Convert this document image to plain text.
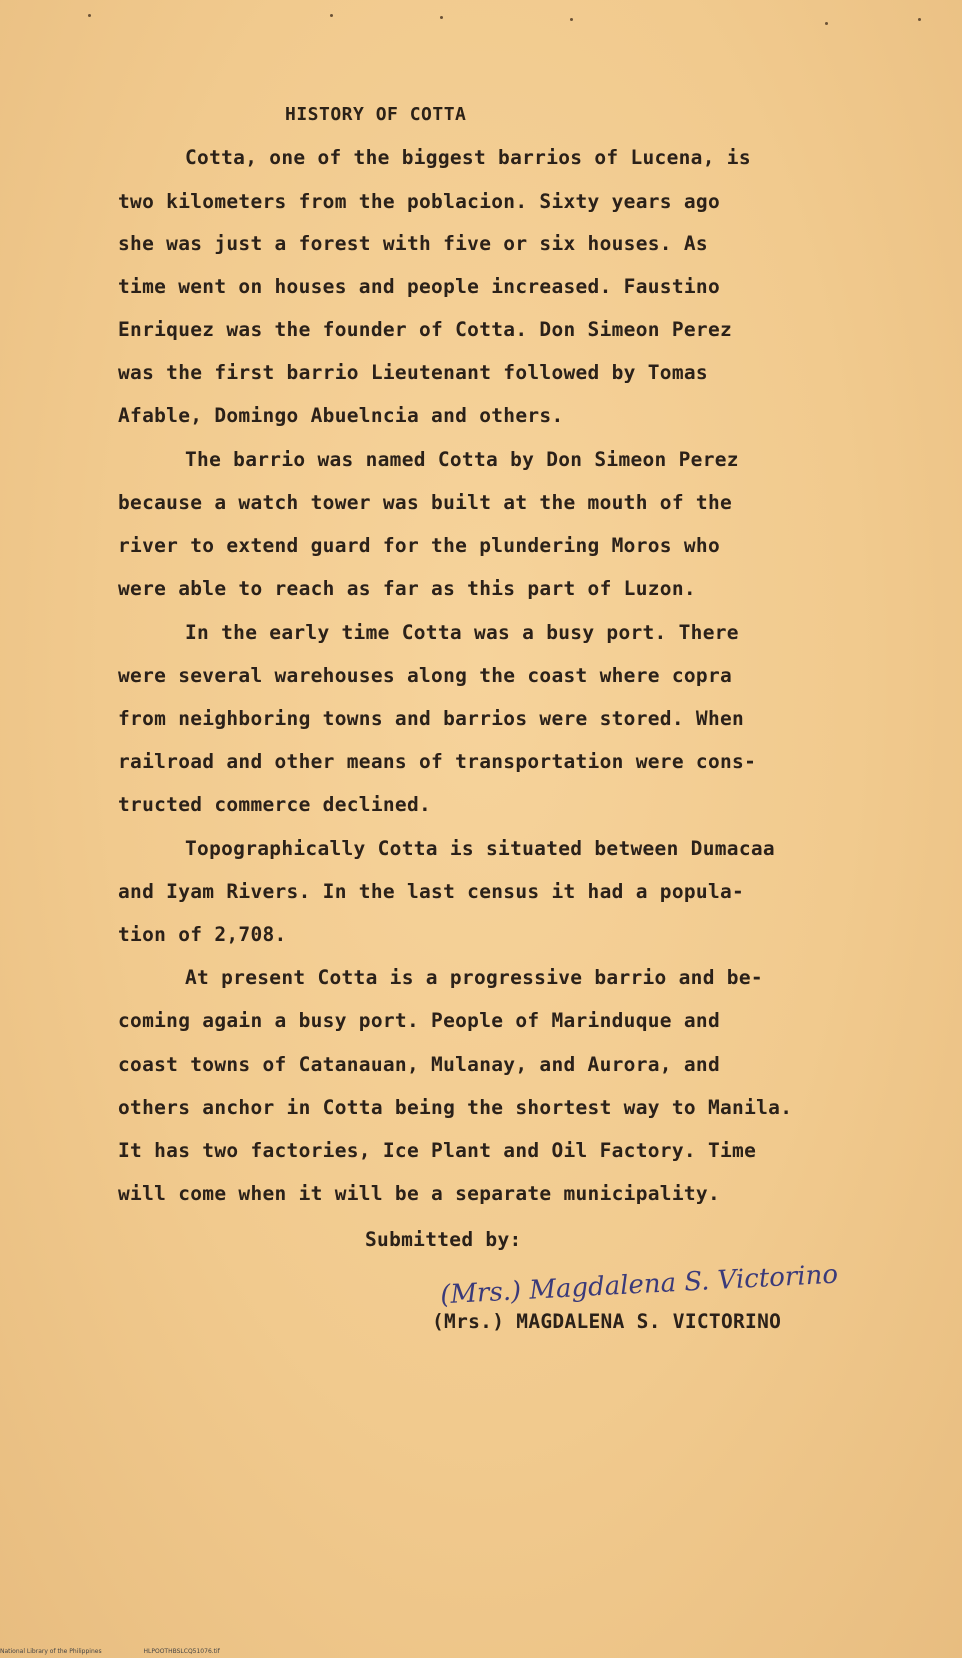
HISTORY OF COTTA
Cotta, one of the biggest barrios of Lucena, is
two kilometers from the poblacion. Sixty years ago
she was just a forest with five or six houses. As
time went on houses and people increased. Faustino
Enriquez was the founder of Cotta. Don Simeon Perez
was the first barrio Lieutenant followed by Tomas
Afable, Domingo Abuelncia and others.
The barrio was named Cotta by Don Simeon Perez
because a watch tower was built at the mouth of the
river to extend guard for the plundering Moros who
were able to reach as far as this part of Luzon.
In the early time Cotta was a busy port. There
were several warehouses along the coast where copra
from neighboring towns and barrios were stored. When
railroad and other means of transportation were cons-
tructed commerce declined.
Topographically Cotta is situated between Dumacaa
and Iyam Rivers. In the last census it had a popula-
tion of 2,708.
At present Cotta is a progressive barrio and be-
coming again a busy port. People of Marinduque and
coast towns of Catanauan, Mulanay, and Aurora, and
others anchor in Cotta being the shortest way to Manila.
It has two factories, Ice Plant and Oil Factory. Time
will come when it will be a separate municipality.
Submitted by:
(Mrs.) Magdalena S. Victorino
(Mrs.) MAGDALENA S. VICTORINO
National Library of the Philippines	HLPOOTHBSLCQ51076.tif
